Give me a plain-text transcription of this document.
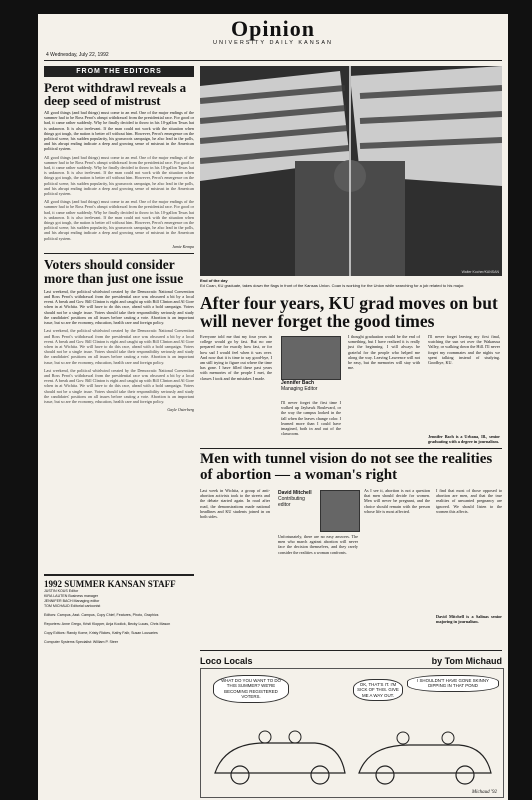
Opinion
UNIVERSITY DAILY KANSAN
4 Wednesday, July 22, 1992
FROM THE EDITORS
Perot withdrawl reveals a deep seed of mistrust

All good things (and bad things) must come to an end. One of the major endings of the summer had to be Ross Perot's abrupt withdrawal from the presidential race. For good or bad, it came rather suddenly. Why he finally decided to throw in his 10-gallon Texas hat is unknown. It is also irrelevant. If the man could not work with the situation when things got tough, the nation is better off without him. However, Perot's emergence on the political scene, his sudden popularity, his grassroots campaign, he also lead in the polls, and his abrupt ending indicate a deep and growing sense of mistrust in the American political system.

All good things (and bad things) must come to an end. One of the major endings of the summer had to be Ross Perot's abrupt withdrawal from the presidential race. For good or bad, it came rather suddenly. Why he finally decided to throw in his 10-gallon Texas hat is unknown. It is also irrelevant. If the man could not work with the situation when things got tough, the nation is better off without him. However, Perot's emergence on the political scene, his sudden popularity, his grassroots campaign, he also lead in the polls, and his abrupt ending indicate a deep and growing sense of mistrust in the American political system.

All good things (and bad things) must come to an end. One of the major endings of the summer had to be Ross Perot's abrupt withdrawal from the presidential race. For good or bad, it came rather suddenly. Why he finally decided to throw in his 10-gallon Texas hat is unknown. It is also irrelevant. If the man could not work with the situation when things got tough, the nation is better off without him. However, Perot's emergence on the political scene, his sudden popularity, his grassroots campaign, he also lead in the polls, and his abrupt ending indicate a deep and growing sense of mistrust in the American political system.

Jamie Kempa
Voters should consider more than just one issue

Last weekend, the political whirlwind created by the Democratic National Convention and Ross Perot's withdrawal from the presidential race was obscured a bit by a local event. A break and Gov. Bill Clinton is eight and caught up with Bill Clinton and Al Gore when in at Wichita. We will have to do this race, ahead with a bold campaign. Voters should not be a single issue. Voters should take their responsibility seriously and study the candidates' positions on all issues before casting a vote. Abortion is an important issue, but so are the economy, education, health care and foreign policy.

Last weekend, the political whirlwind created by the Democratic National Convention and Ross Perot's withdrawal from the presidential race was obscured a bit by a local event. A break and Gov. Bill Clinton is eight and caught up with Bill Clinton and Al Gore when in at Wichita. We will have to do this race, ahead with a bold campaign. Voters should not be a single issue. Voters should take their responsibility seriously and study the candidates' positions on all issues before casting a vote. Abortion is an important issue, but so are the economy, education, health care and foreign policy.

Last weekend, the political whirlwind created by the Democratic National Convention and Ross Perot's withdrawal from the presidential race was obscured a bit by a local event. A break and Gov. Bill Clinton is eight and caught up with Bill Clinton and Al Gore when in at Wichita. We will have to do this race, ahead with a bold campaign. Voters should not be a single issue. Voters should take their responsibility seriously and study the candidates' positions on all issues before casting a vote. Abortion is an important issue, but so are the economy, education, health care and foreign policy.

Gayle Osterberg
1992 SUMMER KANSAN STAFF
JUSTIN KOUS Editor
KIRA LAUTEN Business manager
JENNIFER BACH Managing editor
TOM MICHAUD Editorial cartoonist
Editors: Campus, Asst. Campus, Copy Chief, Features, Photo, Graphics
Reporters: Anne Grego, Kristi Klopper, Anja Koolick, Becky Lucas, Chris Mason
Copy Editors: Randy Kome, Kristy Rickes, Kathy Fallr, Susan Lousaries
Computer Systems Specialist: William P. Steer
Walter Kocher/KANSAN
End of the day
Ed Coan, KU graduate, takes down the flags in front of the Kansas Union. Coan is working for the Union while searching for a job related to his major.
After four years, KU grad moves on but will never forget the good times
Everyone told me that my four years in college would go by fast. But no one prepared me for exactly how fast, or for how sad I would feel when it was over. And now that it is time to say good-bye, I am still trying to figure out where the time has gone. I have filled these past years with memories of the people I met, the classes I took and the mistakes I made.
Jennifer Bach
Managing Editor
I'll never forget the first time I walked up Jayhawk Boulevard, or the way the campus looked in the fall when the leaves change color. I learned more than I could have imagined, both in and out of the classroom.
I thought graduation would be the end of something, but I have realized it is really just the beginning. I will always be grateful for the people who helped me along the way. Leaving Lawrence will not be easy, but the memories will stay with me.
I'll never forget leaving my first final, watching the sun set over the Wakarusa Valley, or walking down the Hill. I'll never forget my roommates and the nights we spent talking instead of studying. Goodbye, KU.
Jennifer Bach is a Urbana, Ill., senior graduating with a degree in journalism.
Men with tunnel vision do not see the realities of abortion — a woman's right
Last week in Wichita, a group of anti-abortion activists took to the streets and the debate started again. In road after road, the demonstrations made national headlines and KU students joined in on both sides.
David Mitchell
Contributing editor
Unfortunately, there are no easy answers. The men who march against abortion will never face the decision themselves, and they rarely consider the realities a woman confronts.
As I see it, abortion is not a question that men should decide for women. Men will never be pregnant, and the choice should remain with the person whose life is most affected.
I find that most of those opposed to abortion are men, and that the true realities of unwanted pregnancy are ignored. We should listen to the women this affects.
David Mitchell is a Salinas senior majoring in journalism.
Loco Locals	by Tom Michaud
WHAT DO YOU WANT TO DO THIS SUMMER? WE'RE BECOMING REGISTERED VOTERS.
OK, THAT'S IT. I'M SICK OF THIS. GIVE ME A WAY OUT.
I SHOULDN'T HAVE GONE SKINNY DIPPING IN THAT POND
Michaud '92
